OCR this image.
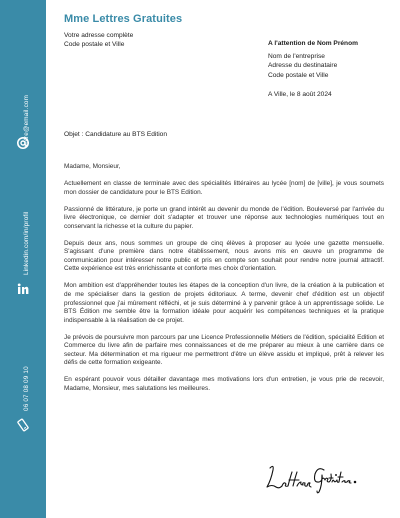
votre@email.com
Linkedin.com/in/profil
06 07 08 09 10
Mme Lettres Gratuites
Votre adresse complète
Code postale et Ville	A l'attention de Nom Prénom
Nom de l'entreprise
Adresse du destinataire
Code postale et Ville
A Ville, le 8 août 2024
Objet : Candidature au BTS Edition

Madame, Monsieur,

Actuellement en classe de terminale avec des spécialités littéraires au lycée [nom] de [ville], je vous soumets mon dossier de candidature pour le BTS Edition.

Passionné de littérature, je porte un grand intérêt au devenir du monde de l'édition. Bouleversé par l'arrivée du livre électronique, ce dernier doit s'adapter et trouver une réponse aux technologies numériques tout en conservant la richesse et la culture du papier.

Depuis deux ans, nous sommes un groupe de cinq élèves à proposer au lycée une gazette mensuelle. S'agissant d'une première dans notre établissement, nous avons mis en œuvre un programme de communication pour intéresser notre public et pris en compte son souhait pour rendre notre journal attractif. Cette expérience est très enrichissante et conforte mes choix d'orientation.

Mon ambition est d'appréhender toutes les étapes de la conception d'un livre, de la création à la publication et de me spécialiser dans la gestion de projets éditoriaux. A terme, devenir chef d'édition est un objectif professionnel que j'ai mûrement réfléchi, et je suis déterminé à y parvenir grâce à un apprentissage solide. Le BTS Édition me semble être la formation idéale pour acquérir les compétences techniques et la pratique indispensable à la réalisation de ce projet.

Je prévois de poursuivre mon parcours par une Licence Professionnelle Métiers de l'édition, spécialité Edition et Commerce du livre afin de parfaire mes connaissances et de me préparer au mieux à une carrière dans ce secteur. Ma détermination et ma rigueur me permettront d'être un élève assidu et impliqué, prêt à relever les défis de cette formation exigeante.

En espérant pouvoir vous détailler davantage mes motivations lors d'un entretien, je vous prie de recevoir, Madame, Monsieur, mes salutations les meilleures.
